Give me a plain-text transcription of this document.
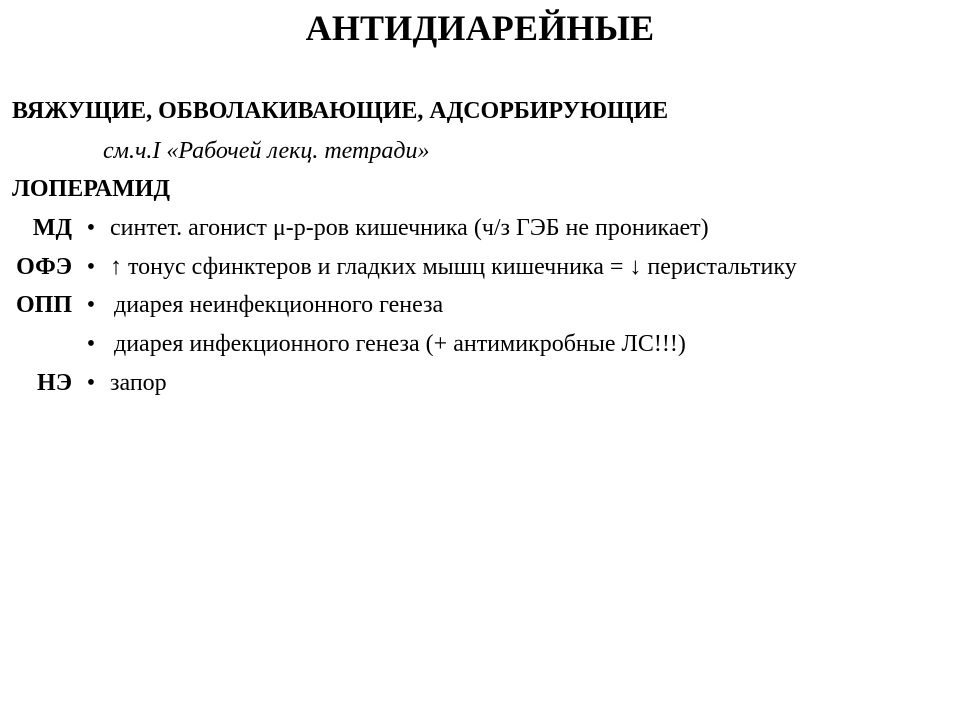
АНТИДИАРЕЙНЫЕ
ВЯЖУЩИЕ, ОБВОЛАКИВАЮЩИЕ, АДСОРБИРУЮЩИЕ
см.ч.I «Рабочей лекц. тетради»
ЛОПЕРАМИД
МД • синтет. агонист μ-р-ров кишечника (ч/з ГЭБ не проникает)
ОФЭ • ↑ тонус сфинктеров и гладких мышц кишечника = ↓ перистальтику
ОПП • диарея неинфекционного генеза
• диарея инфекционного генеза (+ антимикробные ЛС!!!)
НЭ • запор
